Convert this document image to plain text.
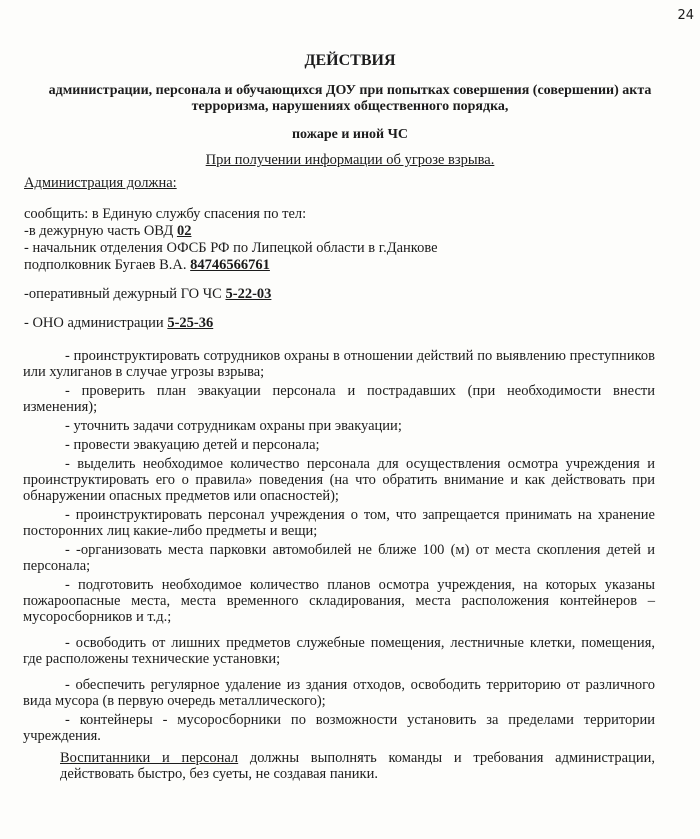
24
ДЕЙСТВИЯ
администрации, персонала и обучающихся ДОУ при попытках совершения (совершении) акта терроризма, нарушениях общественного порядка,
пожаре и иной ЧС
При получении информации об угрозе взрыва.
Администрация должна:
сообщить: в Единую службу спасения по тел:
-в дежурную часть ОВД 02
- начальник отделения ОФСБ РФ по Липецкой области в г.Данкове
подполковник Бугаев В.А. 84746566761
-оперативный дежурный ГО ЧС 5-22-03
- ОНО администрации 5-25-36
- проинструктировать сотрудников охраны в отношении действий по выявлению преступников или хулиганов в случае угрозы взрыва;
- проверить план эвакуации персонала и пострадавших (при необходимости внести изменения);
- уточнить задачи сотрудникам охраны при эвакуации;
- провести эвакуацию детей и персонала;
- выделить необходимое количество персонала для осуществления осмотра учреждения и проинструктировать его о правила» поведения (на что обратить внимание и как действовать при обнаружении опасных предметов или опасностей);
- проинструктировать персонал учреждения о том, что запрещается принимать на хранение посторонних лиц какие-либо предметы и вещи;
- -организовать места парковки автомобилей не ближе 100 (м) от места скопления детей и персонала;
- подготовить необходимое количество планов осмотра учреждения, на которых указаны пожароопасные места, места временного складирования, места расположения контейнеров – мусоросборников и т.д.;
- освободить от лишних предметов служебные помещения, лестничные клетки, помещения, где расположены технические установки;
- обеспечить регулярное удаление из здания отходов, освободить территорию от различного вида мусора (в первую очередь металлического);
- контейнеры - мусоросборники по возможности установить за пределами территории учреждения.
Воспитанники и персонал должны выполнять команды и требования администрации, действовать быстро, без суеты, не создавая паники.
